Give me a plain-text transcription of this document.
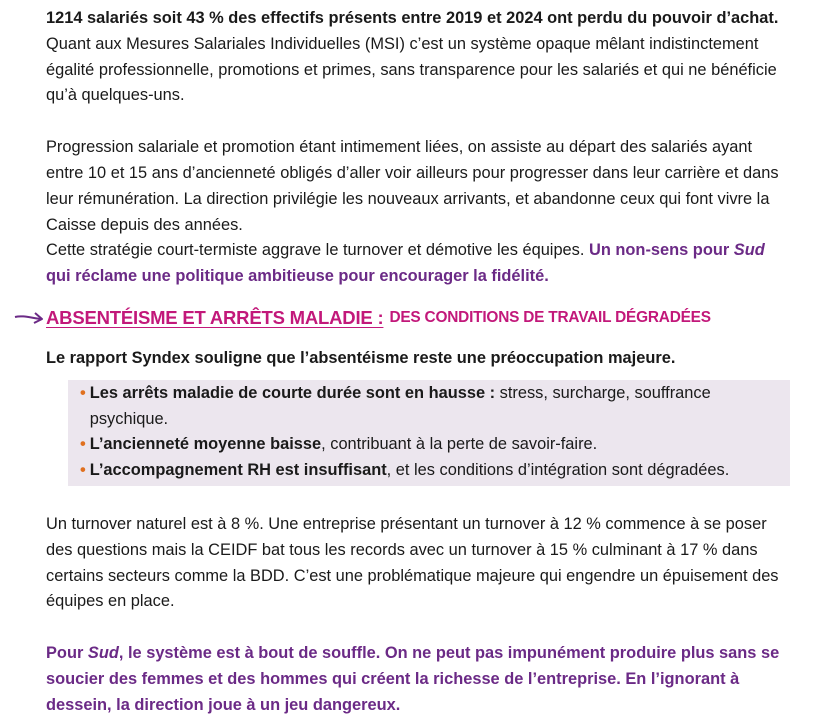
1214 salariés soit 43 % des effectifs présents entre 2019 et 2024 ont perdu du pouvoir d’achat.
Quant aux Mesures Salariales Individuelles (MSI) c’est un système opaque mêlant indistinctement égalité professionnelle, promotions et primes, sans transparence pour les salariés et qui ne bénéficie qu’à quelques-uns.

Progression salariale et promotion étant intimement liées, on assiste au départ des salariés ayant entre 10 et 15 ans d’ancienneté obligés d’aller voir ailleurs pour progresser dans leur carrière et dans leur rémunération. La direction privilégie les nouveaux arrivants, et abandonne ceux qui font vivre la Caisse depuis des années.
Cette stratégie court-termiste aggrave le turnover et démotive les équipes. Un non-sens pour Sud qui réclame une politique ambitieuse pour encourager la fidélité.

ABSENTÉISME ET ARRÊTS MALADIE : DES CONDITIONS DE TRAVAIL DÉGRADÉES

Le rapport Syndex souligne que l’absentéisme reste une préoccupation majeure.

• Les arrêts maladie de courte durée sont en hausse : stress, surcharge, souffrance psychique.
• L’ancienneté moyenne baisse, contribuant à la perte de savoir-faire.
• L’accompagnement RH est insuffisant, et les conditions d’intégration sont dégradées.

Un turnover naturel est à 8 %. Une entreprise présentant un turnover à 12 % commence à se poser des questions mais la CEIDF bat tous les records avec un turnover à 15 % culminant à 17 % dans certains secteurs comme la BDD. C’est une problématique majeure qui engendre un épuisement des équipes en place.

Pour Sud, le système est à bout de souffle. On ne peut pas impunément produire plus sans se soucier des femmes et des hommes qui créent la richesse de l’entreprise. En l’ignorant à dessein, la direction joue à un jeu dangereux.
